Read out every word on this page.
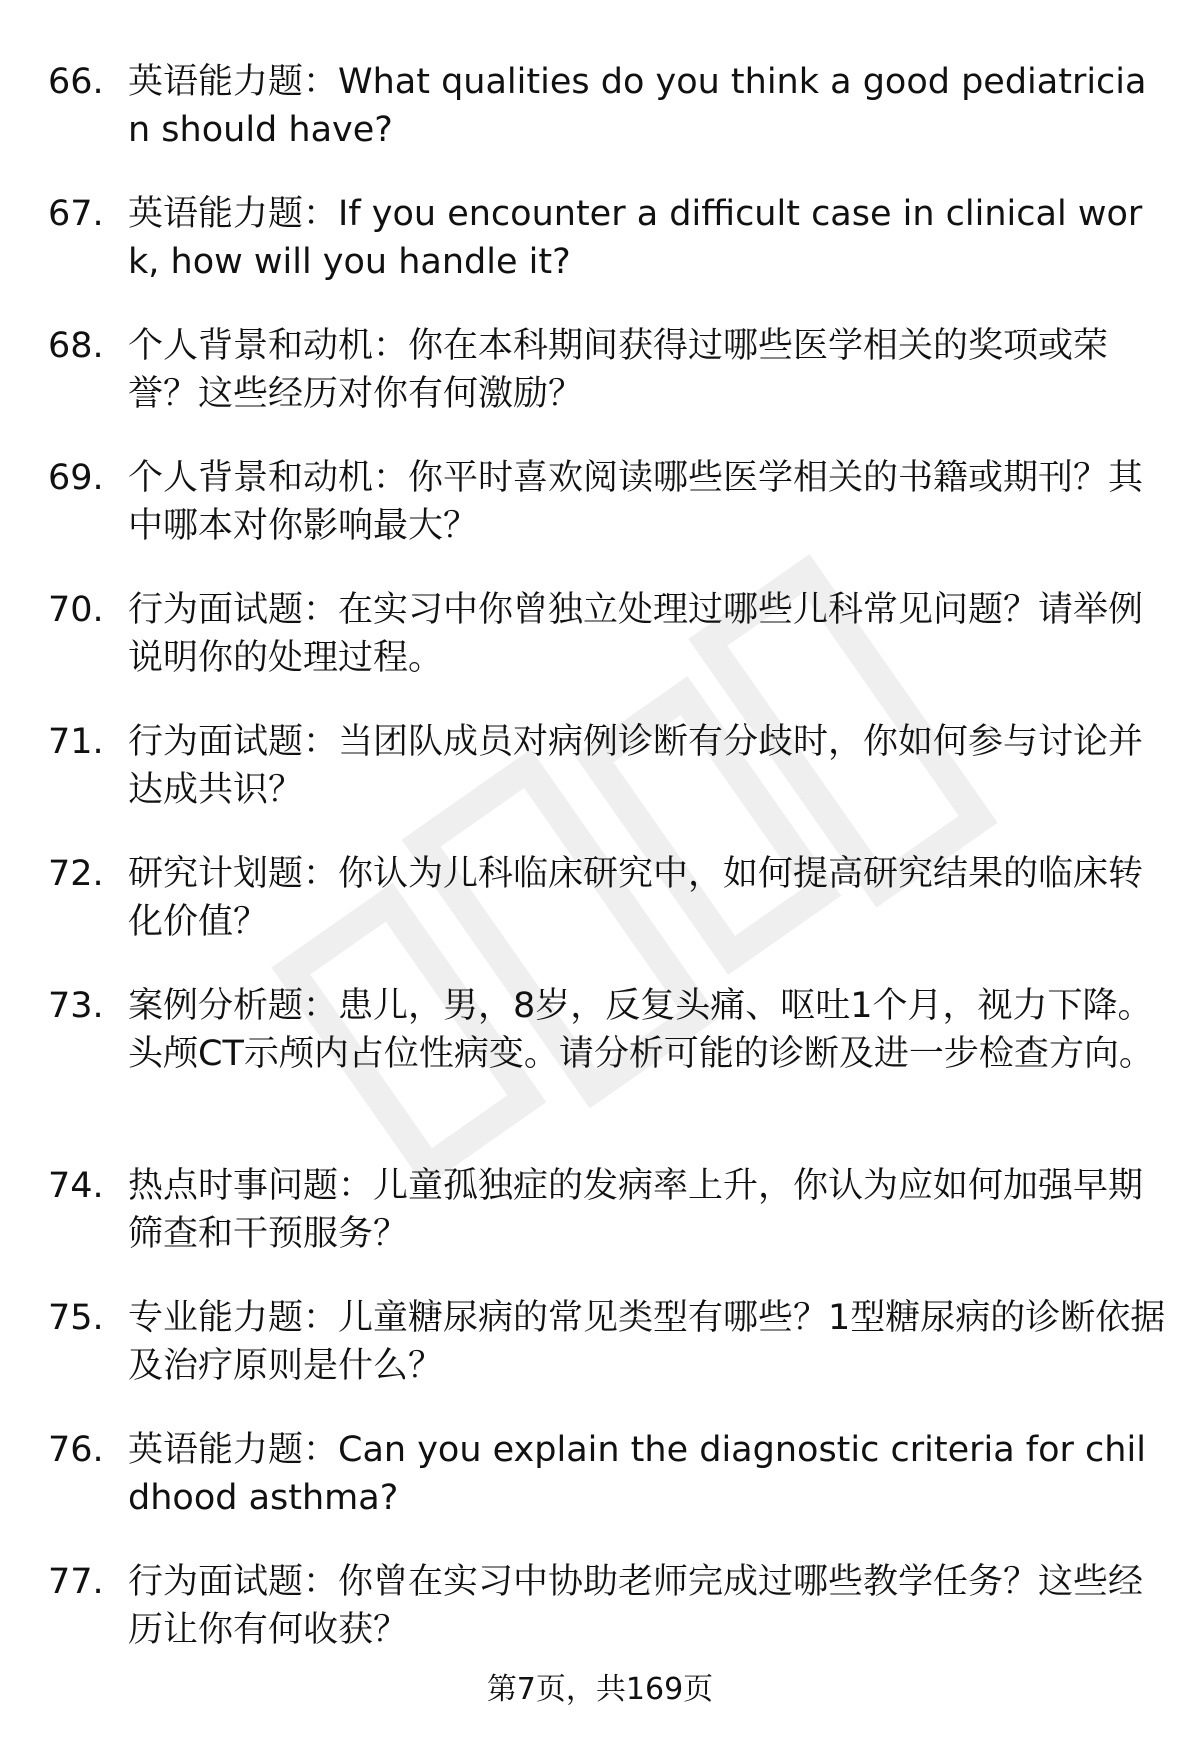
66. 英语能力题：What qualities do you think a good pediatrician should have?
67. 英语能力题：If you encounter a difficult case in clinical work, how will you handle it?
68. 个人背景和动机：你在本科期间获得过哪些医学相关的奖项或荣誉？这些经历对你有何激励？
69. 个人背景和动机：你平时喜欢阅读哪些医学相关的书籍或期刊？其中哪本对你影响最大？
70. 行为面试题：在实习中你曾独立处理过哪些儿科常见问题？请举例说明你的处理过程。
71. 行为面试题：当团队成员对病例诊断有分歧时，你如何参与讨论并达成共识？
72. 研究计划题：你认为儿科临床研究中，如何提高研究结果的临床转化价值？
73. 案例分析题：患儿，男，8岁，反复头痛、呕吐1个月，视力下降。头颅CT示颅内占位性病变。请分析可能的诊断及进一步检查方向。
74. 热点时事问题：儿童孤独症的发病率上升，你认为应如何加强早期筛查和干预服务？
75. 专业能力题：儿童糖尿病的常见类型有哪些？1型糖尿病的诊断依据及治疗原则是什么？
76. 英语能力题：Can you explain the diagnostic criteria for childhood asthma?
77. 行为面试题：你曾在实习中协助老师完成过哪些教学任务？这些经历让你有何收获？
第7页，共169页
